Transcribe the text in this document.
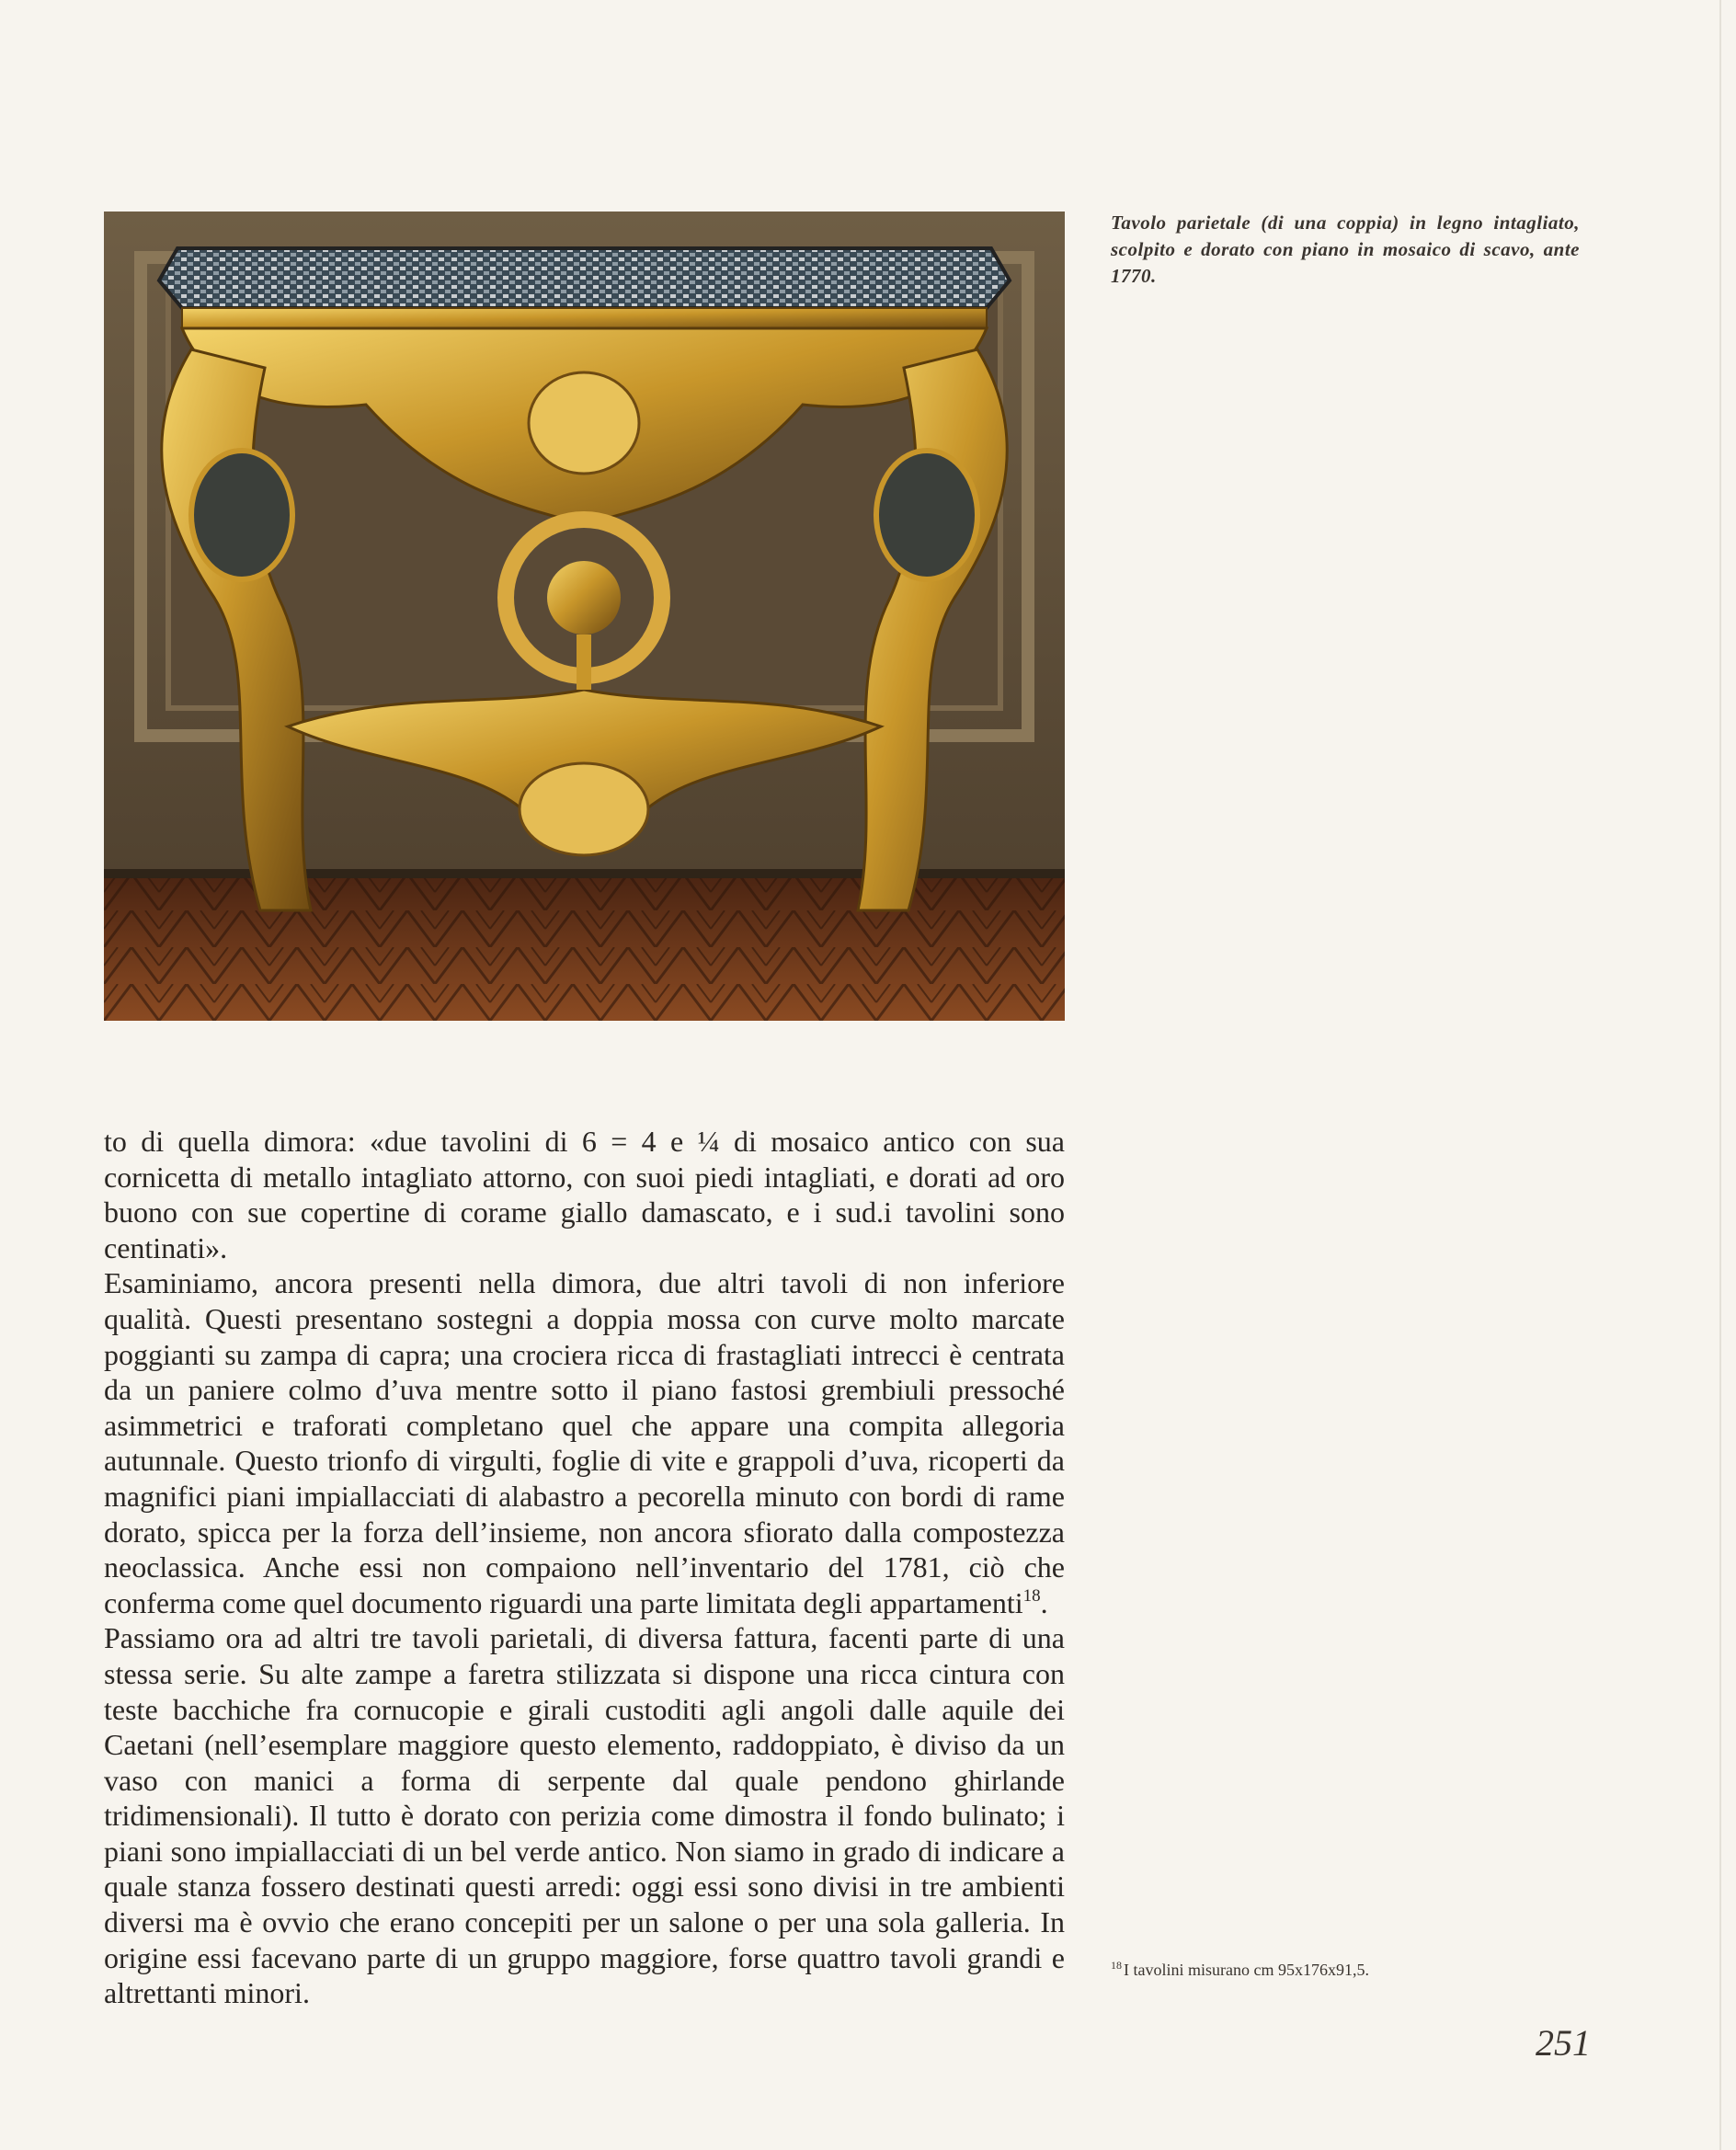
Tavolo parietale (di una coppia) in legno intagliato, scolpito e dorato con piano in mosaico di scavo, ante 1770.

to di quella dimora: «due tavolini di 6 = 4 e ¼ di mosaico antico con sua cornicetta di metallo intagliato attorno, con suoi piedi intagliati, e dorati ad oro buono con sue copertine di corame giallo damascato, e i sud.i tavolini sono centinati».

Esaminiamo, ancora presenti nella dimora, due altri tavoli di non inferiore qualità. Questi presentano sostegni a doppia mossa con curve molto marcate poggianti su zampa di capra; una crociera ricca di frastagliati intrecci è centrata da un paniere colmo d’uva mentre sotto il piano fastosi grembiuli pressoché asimmetrici e traforati completano quel che appare una compita allegoria autunnale. Questo trionfo di virgulti, foglie di vite e grappoli d’uva, ricoperti da magnifici piani impiallacciati di alabastro a pecorella minuto con bordi di rame dorato, spicca per la forza dell’insieme, non ancora sfiorato dalla compostezza neoclassica. Anche essi non compaiono nell’inventario del 1781, ciò che conferma come quel documento riguardi una parte limitata degli appartamenti$^{18}$.

Passiamo ora ad altri tre tavoli parietali, di diversa fattura, facenti parte di una stessa serie. Su alte zampe a faretra stilizzata si dispone una ricca cintura con teste bacchiche fra cornucopie e girali custoditi agli angoli dalle aquile dei Caetani (nell’esemplare maggiore questo elemento, raddoppiato, è diviso da un vaso con manici a forma di serpente dal quale pendono ghirlande tridimensionali). Il tutto è dorato con perizia come dimostra il fondo bulinato; i piani sono impiallacciati di un bel verde antico. Non siamo in grado di indicare a quale stanza fossero destinati questi arredi: oggi essi sono divisi in tre ambienti diversi ma è ovvio che erano concepiti per un salone o per una sola galleria. In origine essi facevano parte di un gruppo maggiore, forse quattro tavoli grandi e altrettanti minori.

$^{18}$ I tavolini misurano cm 95x176x91,5.
251
